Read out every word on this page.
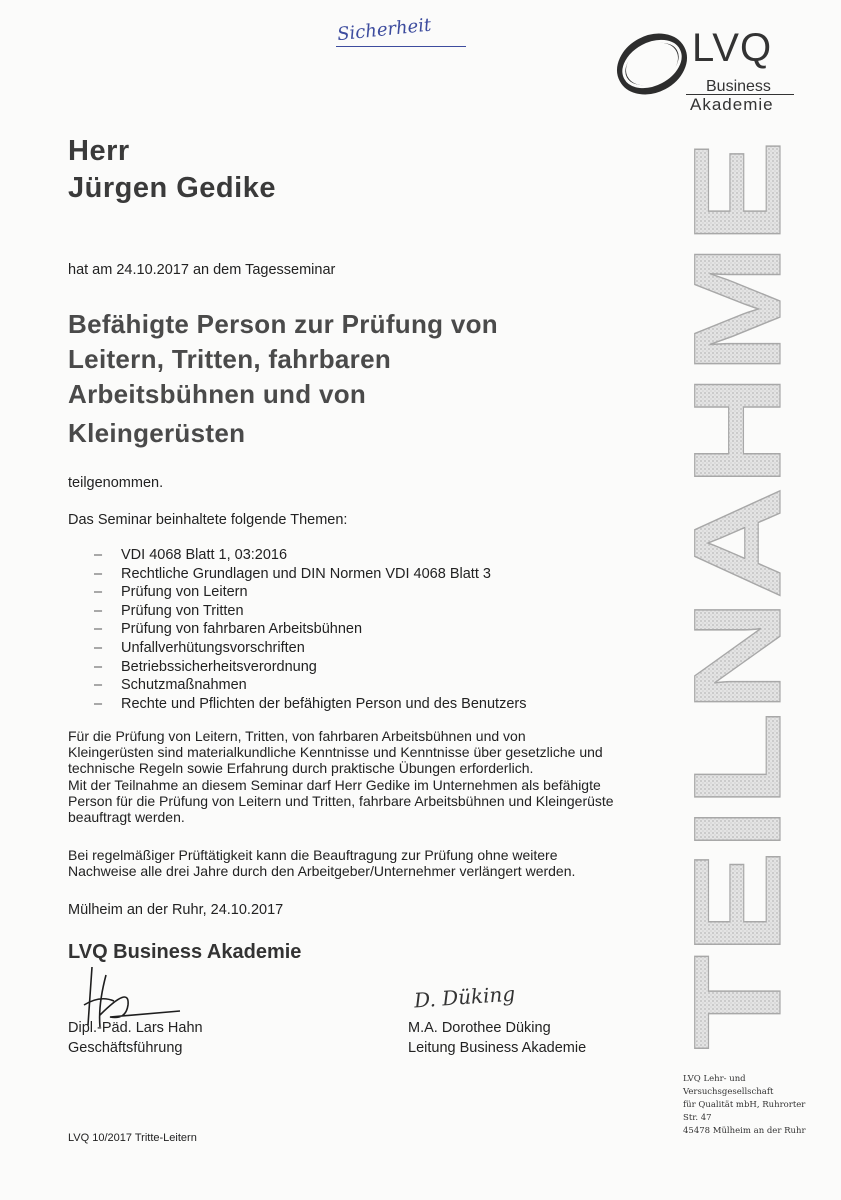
Sicherheit	LVQ
Business
Akademie
Herr
Jürgen Gedike
hat am 24.10.2017 an dem Tagesseminar
Befähigte Person zur Prüfung von
Leitern, Tritten, fahrbaren
Arbeitsbühnen und von
Kleingerüsten
teilgenommen.
Das Seminar beinhaltete folgende Themen:
– VDI 4068 Blatt 1, 03:2016
– Rechtliche Grundlagen und DIN Normen VDI 4068 Blatt 3
– Prüfung von Leitern
– Prüfung von Tritten
– Prüfung von fahrbaren Arbeitsbühnen
– Unfallverhütungsvorschriften
– Betriebssicherheitsverordnung
– Schutzmaßnahmen
– Rechte und Pflichten der befähigten Person und des Benutzers
Für die Prüfung von Leitern, Tritten, von fahrbaren Arbeitsbühnen und von
Kleingerüsten sind materialkundliche Kenntnisse und Kenntnisse über gesetzliche und
technische Regeln sowie Erfahrung durch praktische Übungen erforderlich.
Mit der Teilnahme an diesem Seminar darf Herr Gedike im Unternehmen als befähigte
Person für die Prüfung von Leitern und Tritten, fahrbare Arbeitsbühnen und Kleingerüste
beauftragt werden.
Bei regelmäßiger Prüftätigkeit kann die Beauftragung zur Prüfung ohne weitere
Nachweise alle drei Jahre durch den Arbeitgeber/Unternehmer verlängert werden.
Mülheim an der Ruhr, 24.10.2017
LVQ Business Akademie
Dipl.-Päd. Lars Hahn
Geschäftsführung
D. Düking
M.A. Dorothee Düking
Leitung Business Akademie TEILNAHME
LVQ Lehr- und Versuchsgesellschaft
für Qualität mbH, Ruhrorter Str. 47
45478 Mülheim an der Ruhr
LVQ 10/2017 Tritte-Leitern
